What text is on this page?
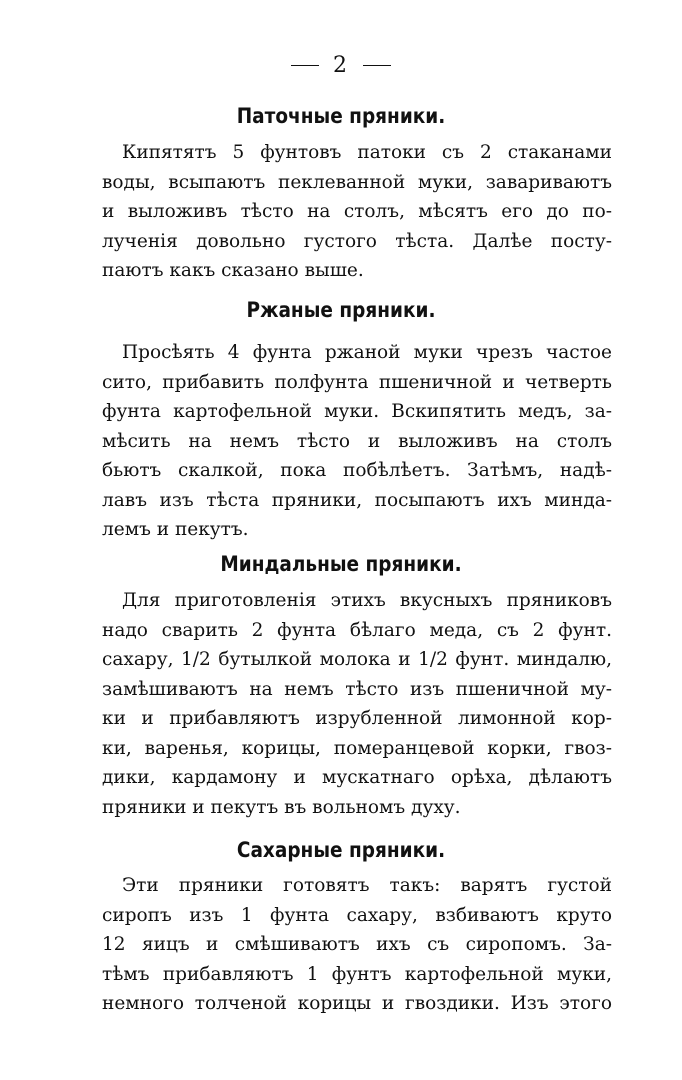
2
Паточные пряники.
Кипятятъ 5 фунтовъ патоки съ 2 стаканами
воды, всыпаютъ пеклеванной муки, завариваютъ
и выложивъ тѣсто на столъ, мѣсятъ его до по-
лученія довольно густого тѣста. Далѣе посту-
паютъ какъ сказано выше.
Ржаные пряники.
Просѣять 4 фунта ржаной муки чрезъ частое
сито, прибавить полфунта пшеничной и четверть
фунта картофельной муки. Вскипятить медъ, за-
мѣсить на немъ тѣсто и выложивъ на столъ
бьютъ скалкой, пока побѣлѣетъ. Затѣмъ, надѣ-
лавъ изъ тѣста пряники, посыпаютъ ихъ минда-
лемъ и пекутъ.
Миндальные пряники.
Для приготовленія этихъ вкусныхъ пряниковъ
надо сварить 2 фунта бѣлаго меда, съ 2 фунт.
сахару, 1/2 бутылкой молока и 1/2 фунт. миндалю,
замѣшиваютъ на немъ тѣсто изъ пшеничной му-
ки и прибавляютъ изрубленной лимонной кор-
ки, варенья, корицы, померанцевой корки, гвоз-
дики, кардамону и мускатнаго орѣха, дѣлаютъ
пряники и пекутъ въ вольномъ духу.
Сахарные пряники.
Эти пряники готовятъ такъ: варятъ густой
сиропъ изъ 1 фунта сахару, взбиваютъ круто
12 яицъ и смѣшиваютъ ихъ съ сиропомъ. За-
тѣмъ прибавляютъ 1 фунтъ картофельной муки,
немного толченой корицы и гвоздики. Изъ этого
